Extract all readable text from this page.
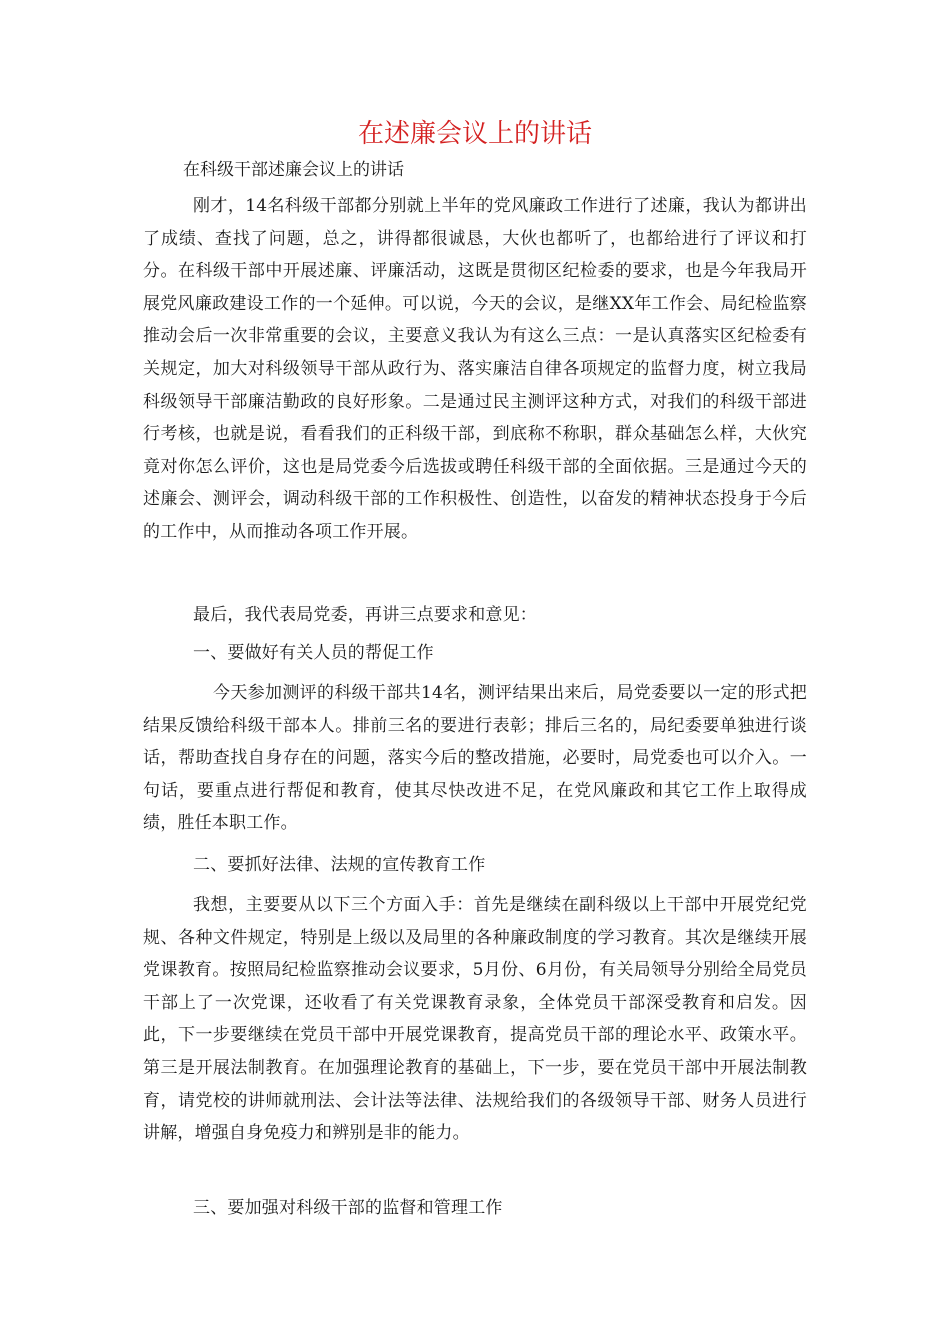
在述廉会议上的讲话

在科级干部述廉会议上的讲话

刚才，14名科级干部都分别就上半年的党风廉政工作进行了述廉，我认为都讲出了成绩、查找了问题，总之，讲得都很诚恳，大伙也都听了，也都给进行了评议和打分。在科级干部中开展述廉、评廉活动，这既是贯彻区纪检委的要求，也是今年我局开展党风廉政建设工作的一个延伸。可以说，今天的会议，是继XX年工作会、局纪检监察推动会后一次非常重要的会议，主要意义我认为有这么三点：一是认真落实区纪检委有关规定，加大对科级领导干部从政行为、落实廉洁自律各项规定的监督力度，树立我局科级领导干部廉洁勤政的良好形象。二是通过民主测评这种方式，对我们的科级干部进行考核，也就是说，看看我们的正科级干部，到底称不称职，群众基础怎么样，大伙究竟对你怎么评价，这也是局党委今后选拔或聘任科级干部的全面依据。三是通过今天的述廉会、测评会，调动科级干部的工作积极性、创造性，以奋发的精神状态投身于今后的工作中，从而推动各项工作开展。

最后，我代表局党委，再讲三点要求和意见：

一、要做好有关人员的帮促工作

今天参加测评的科级干部共14名，测评结果出来后，局党委要以一定的形式把结果反馈给科级干部本人。排前三名的要进行表彰；排后三名的，局纪委要单独进行谈话，帮助查找自身存在的问题，落实今后的整改措施，必要时，局党委也可以介入。一句话，要重点进行帮促和教育，使其尽快改进不足，在党风廉政和其它工作上取得成绩，胜任本职工作。

二、要抓好法律、法规的宣传教育工作

我想，主要要从以下三个方面入手：首先是继续在副科级以上干部中开展党纪党规、各种文件规定，特别是上级以及局里的各种廉政制度的学习教育。其次是继续开展党课教育。按照局纪检监察推动会议要求，5月份、6月份，有关局领导分别给全局党员干部上了一次党课，还收看了有关党课教育录象，全体党员干部深受教育和启发。因此，下一步要继续在党员干部中开展党课教育，提高党员干部的理论水平、政策水平。第三是开展法制教育。在加强理论教育的基础上，下一步，要在党员干部中开展法制教育，请党校的讲师就刑法、会计法等法律、法规给我们的各级领导干部、财务人员进行讲解，增强自身免疫力和辨别是非的能力。

三、要加强对科级干部的监督和管理工作
